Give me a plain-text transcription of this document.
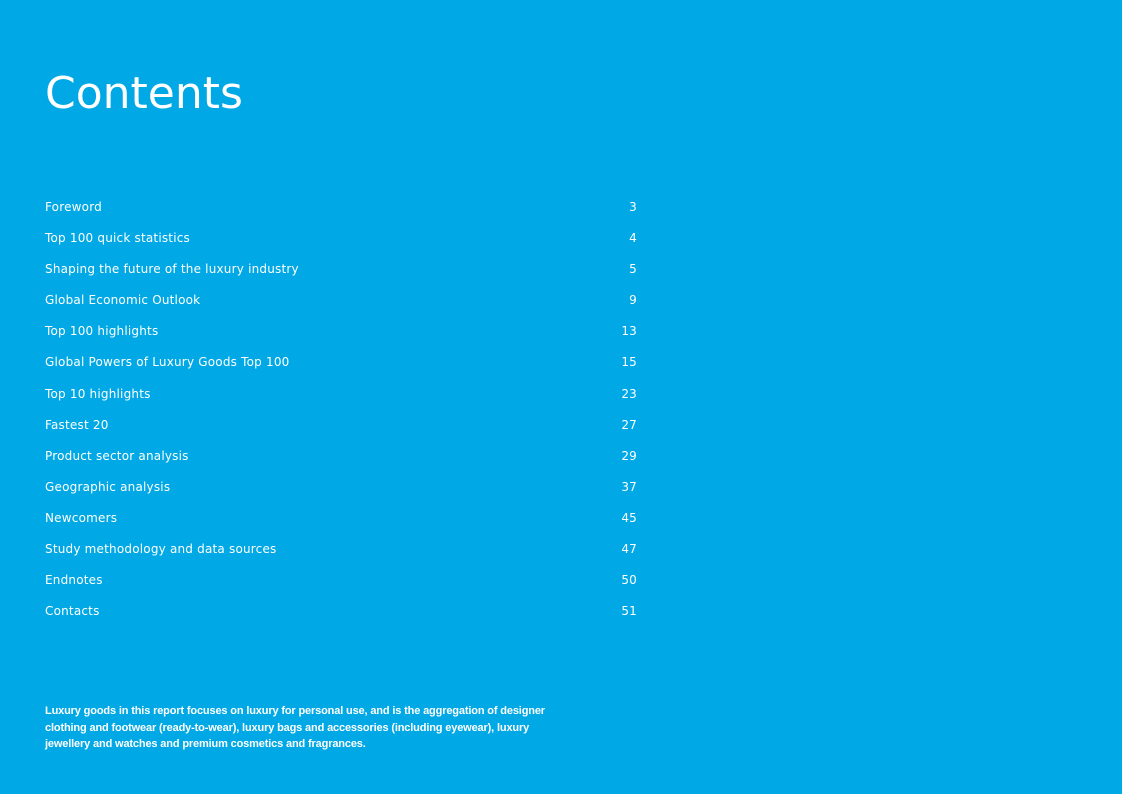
Contents
Foreword	3
Top 100 quick statistics	4
Shaping the future of the luxury industry	5
Global Economic Outlook	9
Top 100 highlights	13
Global Powers of Luxury Goods Top 100	15
Top 10 highlights	23
Fastest 20	27
Product sector analysis	29
Geographic analysis	37
Newcomers	45
Study methodology and data sources	47
Endnotes	50
Contacts	51

Luxury goods in this report focuses on luxury for personal use, and is the aggregation of designer
clothing and footwear (ready-to-wear), luxury bags and accessories (including eyewear), luxury
jewellery and watches and premium cosmetics and fragrances.
